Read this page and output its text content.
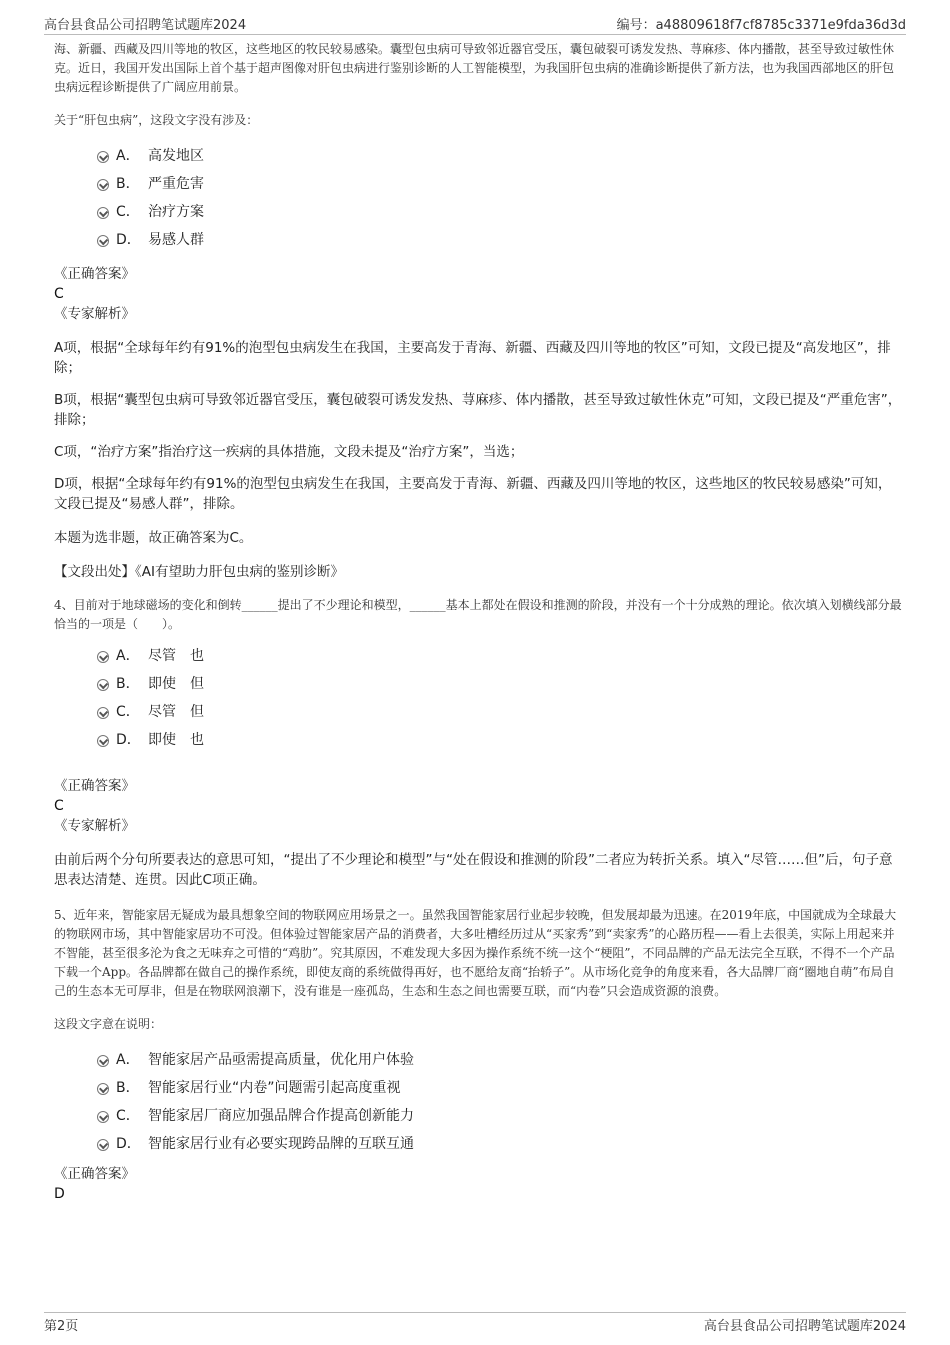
高台县食品公司招聘笔试题库2024	编号：a48809618f7cf8785c3371e9fda36d3d

海、新疆、西藏及四川等地的牧区，这些地区的牧民较易感染。囊型包虫病可导致邻近器官受压，囊包破裂可诱发发热、荨麻疹、体内播散，甚至导致过敏性休克。近日，我国开发出国际上首个基于超声图像对肝包虫病进行鉴别诊断的人工智能模型，为我国肝包虫病的准确诊断提供了新方法，也为我国西部地区的肝包虫病远程诊断提供了广阔应用前景。

关于“肝包虫病”，这段文字没有涉及：

A． 高发地区
B． 严重危害
C． 治疗方案
D． 易感人群

《正确答案》

C

《专家解析》

A项，根据“全球每年约有91%的泡型包虫病发生在我国，主要高发于青海、新疆、西藏及四川等地的牧区”可知，文段已提及“高发地区”，排除；

B项，根据“囊型包虫病可导致邻近器官受压，囊包破裂可诱发发热、荨麻疹、体内播散，甚至导致过敏性休克”可知，文段已提及“严重危害”，排除；

C项，“治疗方案”指治疗这一疾病的具体措施，文段未提及“治疗方案”，当选；

D项，根据“全球每年约有91%的泡型包虫病发生在我国，主要高发于青海、新疆、西藏及四川等地的牧区，这些地区的牧民较易感染”可知，文段已提及“易感人群”，排除。

本题为选非题，故正确答案为C。

【文段出处】《AI有望助力肝包虫病的鉴别诊断》

4、目前对于地球磁场的变化和倒转______提出了不少理论和模型，______基本上都处在假设和推测的阶段，并没有一个十分成熟的理论。依次填入划横线部分最恰当的一项是（　　）。

A． 尽管　也
B． 即使　但
C． 尽管　但
D． 即使　也

《正确答案》

C

《专家解析》

由前后两个分句所要表达的意思可知，“提出了不少理论和模型”与“处在假设和推测的阶段”二者应为转折关系。填入“尽管……但”后，句子意思表达清楚、连贯。因此C项正确。

5、近年来，智能家居无疑成为最具想象空间的物联网应用场景之一。虽然我国智能家居行业起步较晚，但发展却最为迅速。在2019年底，中国就成为全球最大的物联网市场，其中智能家居功不可没。但体验过智能家居产品的消费者，大多吐槽经历过从“买家秀”到“卖家秀”的心路历程——看上去很美，实际上用起来并不智能，甚至很多沦为食之无味弃之可惜的“鸡肋”。究其原因，不难发现大多因为操作系统不统一这个“梗阻”，不同品牌的产品无法完全互联，不得不一个产品下载一个App。各品牌都在做自己的操作系统，即使友商的系统做得再好，也不愿给友商“抬轿子”。从市场化竞争的角度来看，各大品牌厂商“圈地自萌”布局自己的生态本无可厚非，但是在物联网浪潮下，没有谁是一座孤岛，生态和生态之间也需要互联，而“内卷”只会造成资源的浪费。

这段文字意在说明：

A． 智能家居产品亟需提高质量，优化用户体验
B． 智能家居行业“内卷”问题需引起高度重视
C． 智能家居厂商应加强品牌合作提高创新能力
D． 智能家居行业有必要实现跨品牌的互联互通

《正确答案》

D

第2页	高台县食品公司招聘笔试题库2024
